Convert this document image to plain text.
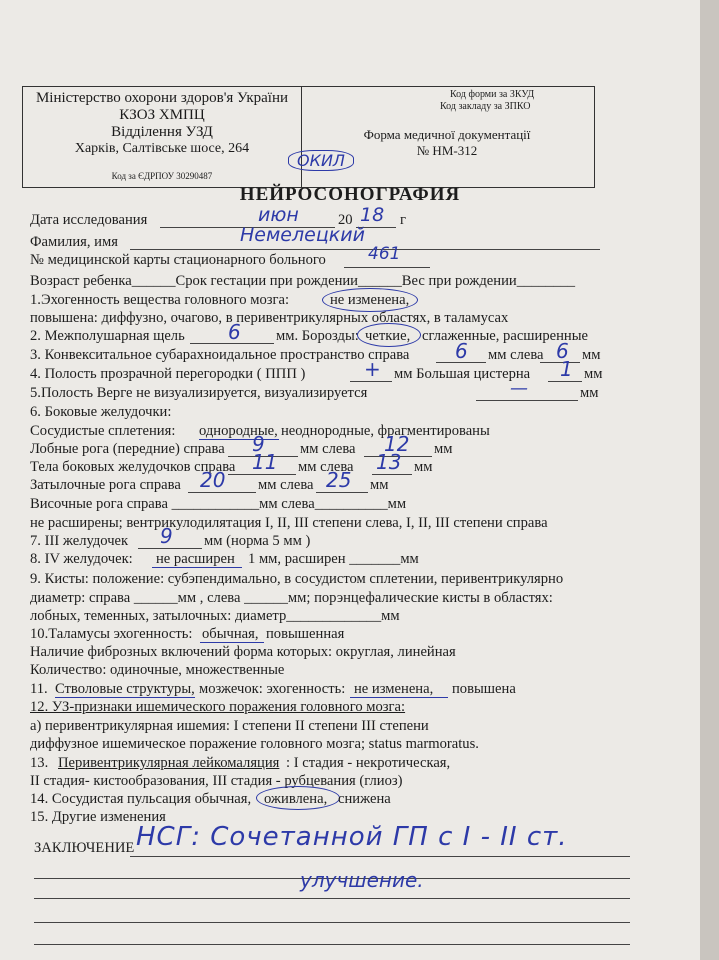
Міністерство охорони здоров'я України
КЗОЗ ХМПЦ
Відділення УЗД
Харків, Салтівське шосе, 264
Код за ЄДРПОУ 30290487
Код форми за ЗКУД
Код закладу за ЗПКО
Форма медичної документації
№ НМ-312
ОКИЛ
НЕЙРОСОНОГРАФИЯ
Дата исследования	июн	20 18 г
Фамилия, имя	Немелецкий
№ медицинской карты стационарного больного 461
Возраст ребенка______Срок гестации при рождении______Вес при рождении________
1.Эхогенность вещества головного мозга:	не изменена,
повышена: диффузно, очагово, в перивентрикулярных областях, в таламусах
2. Межполушарная щель 6 мм. Борозды: четкие, сглаженные, расширенные
3. Конвекситальное субарахноидальное пространство справа 6 мм слева 6 мм
4. Полость прозрачной перегородки ( ППП )	+ мм Большая цистерна 1 мм
5.Полость Верге не визуализируется, визуализируется	—	мм
6. Боковые желудочки:
Сосудистые сплетения: однородные, неоднородные, фрагментированы
Лобные рога (передние) справа 9 мм слева 12 мм
Тела боковых желудочков справа 11 мм слева 13 мм
Затылочные рога справа 20 мм слева 25 мм
Височные рога справа ____________мм слева__________мм
не расширены; вентрикулодилятация I, II, III степени слева, I, II, III степени справа
7. III желудочек 9 мм (норма 5 мм )
8. IV желудочек: не расширен 1 мм, расширен _______мм
9. Кисты: положение: субэпендимально, в сосудистом сплетении, перивентрикулярно
диаметр: справа ______мм , слева ______мм; порэнцефалические кисты в областях:
лобных, теменных, затылочных: диаметр_____________мм
10.Таламусы эхогенность: обычная, повышенная
Наличие фиброзных включений форма которых: округлая, линейная
Количество: одиночные, множественные
11. Стволовые структуры, мозжечок: эхогенность: не изменена, повышена
12. УЗ-признаки ишемического поражения головного мозга:
а) перивентрикулярная ишемия: I степени II степени III степени
диффузное ишемическое поражение головного мозга; status marmoratus.
13. Перивентрикулярная лейкомаляция : I стадия - некротическая,
II стадия- кистообразования, III стадия - рубцевания (глиоз)
14. Сосудистая пульсация обычная, оживлена, снижена
15. Другие изменения
ЗАКЛЮЧЕНИЕ НСГ: Сочетанной ГП с I - II ст.
улучшение.
